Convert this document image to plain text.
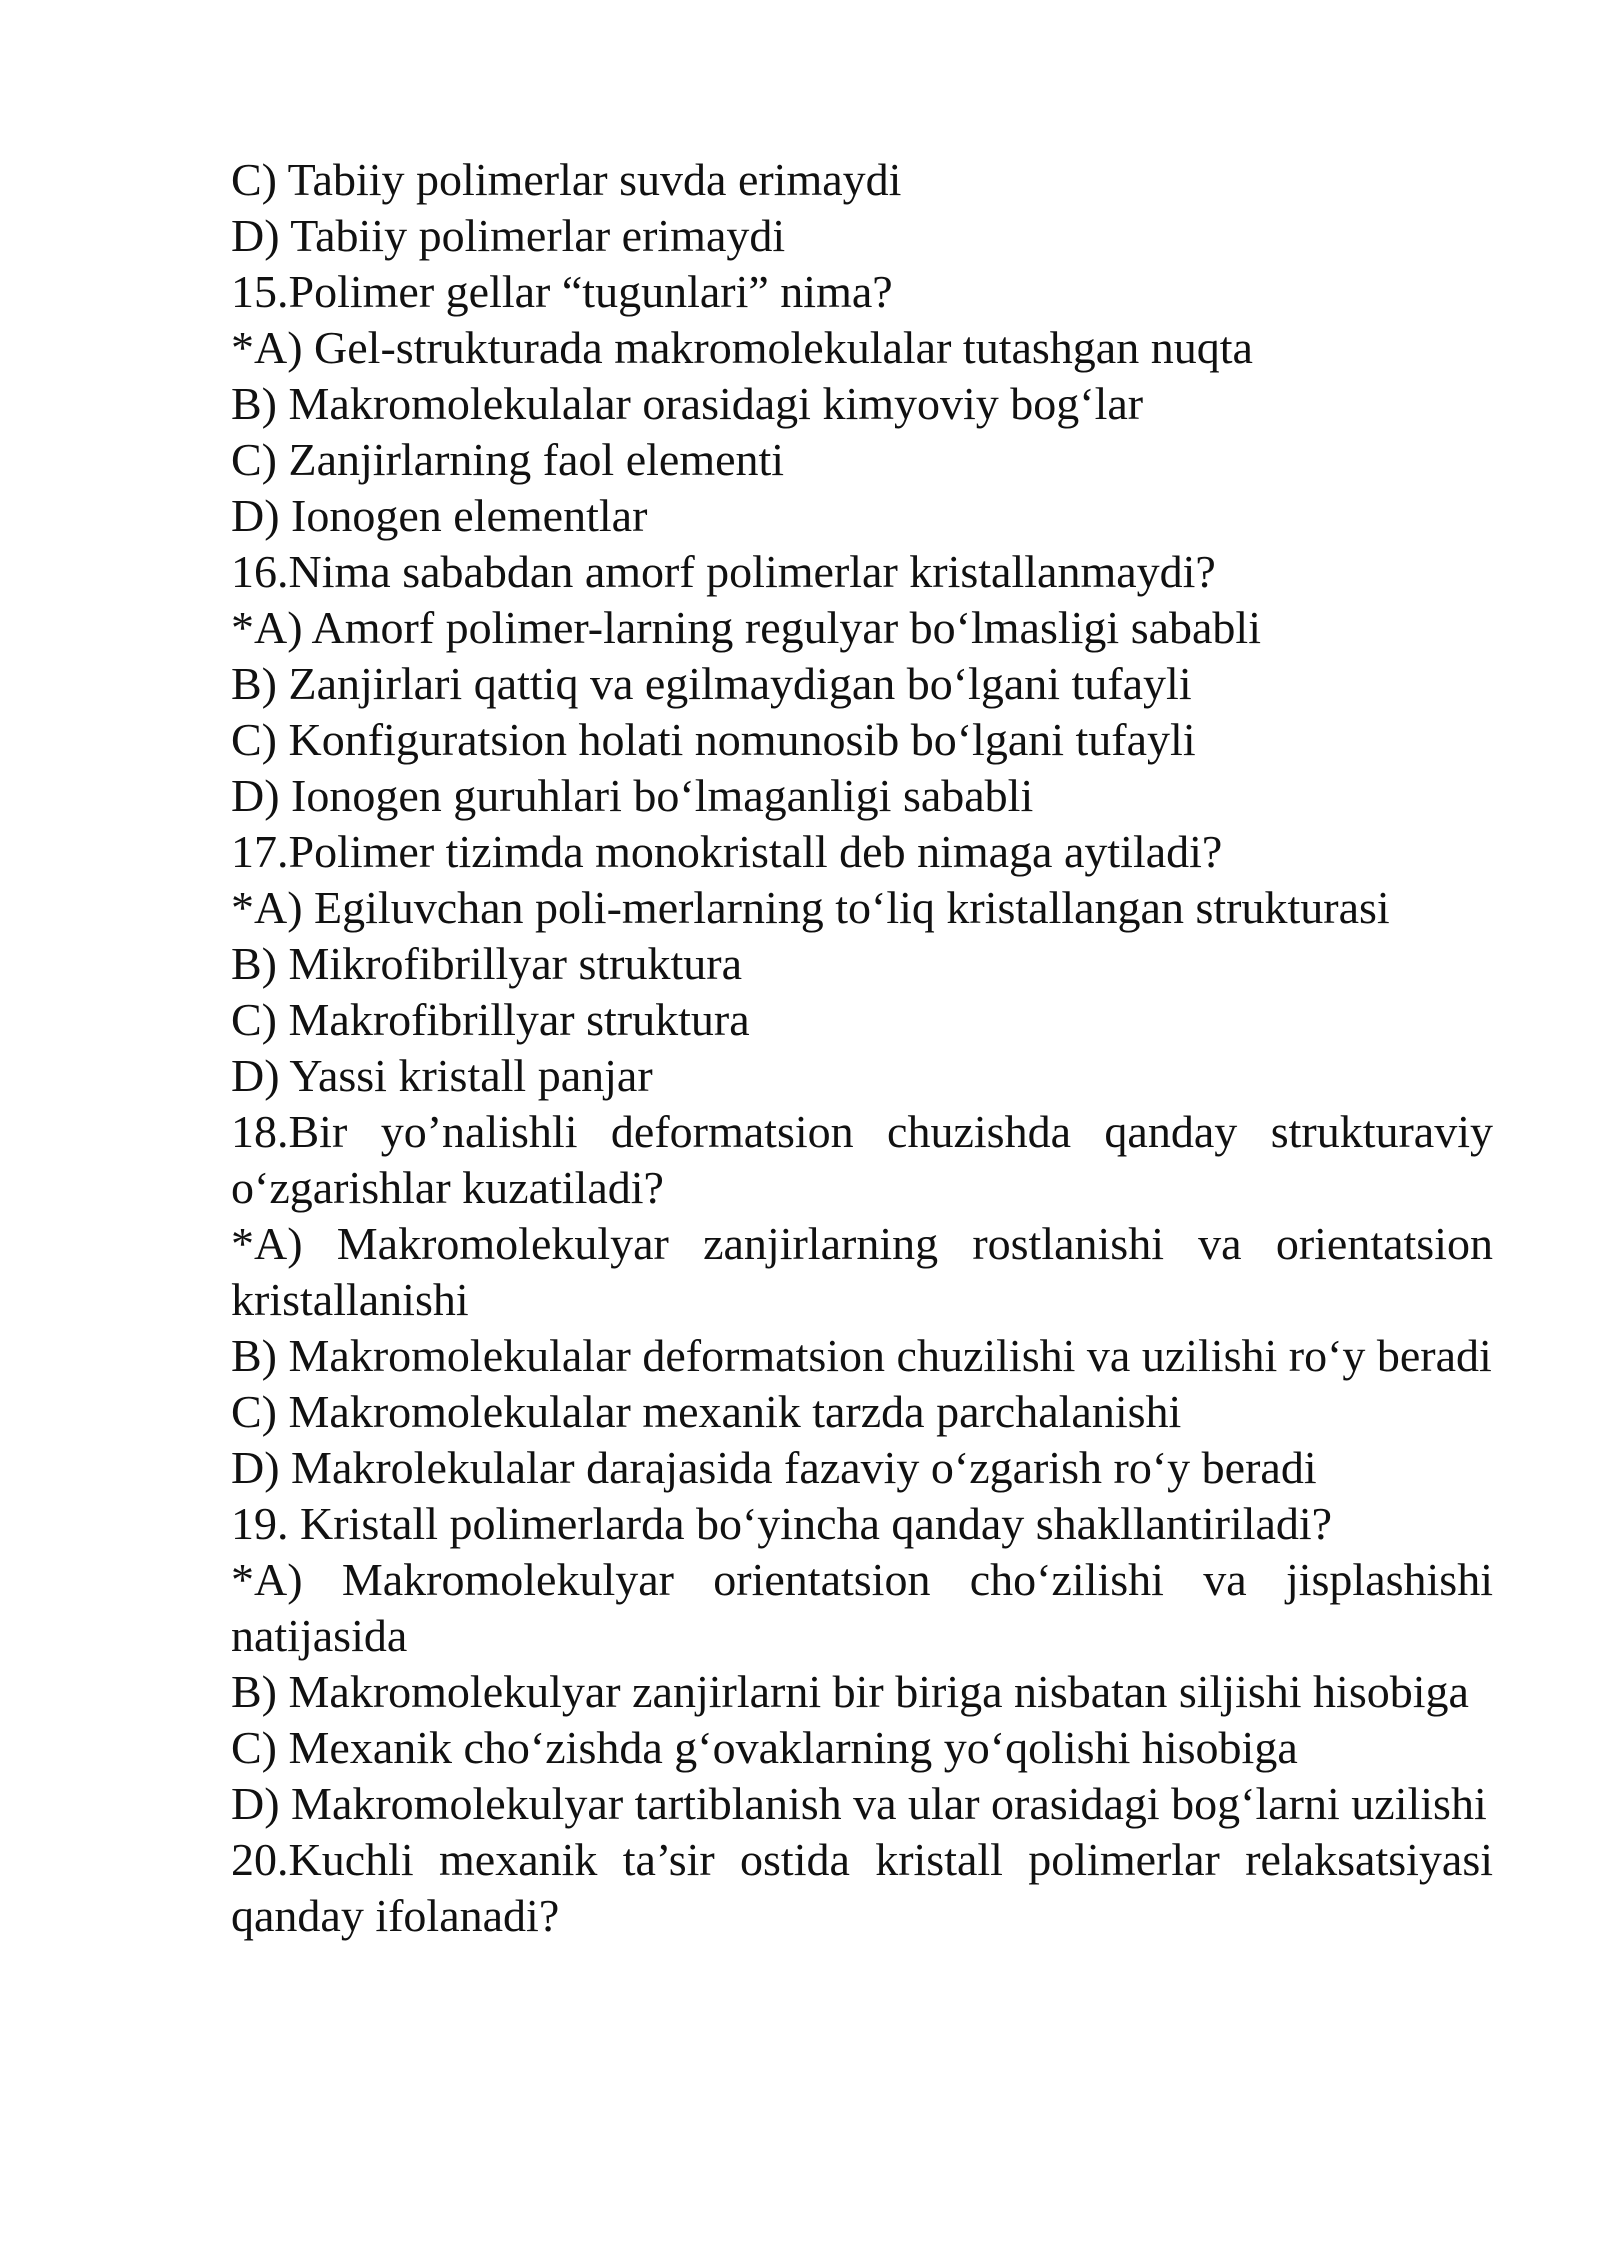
C) Tabiiy polimerlar suvda erimaydi
D) Tabiiy polimerlar erimaydi
15.Polimer gellar “tugunlari” nima?
*A) Gel-strukturada makromolekulalar tutashgan nuqta
B) Makromolekulalar orasidagi kimyoviy bog‘lar
C) Zanjirlarning faol elementi
D) Ionogen elementlar
16.Nima sababdan amorf polimerlar kristallanmaydi?
*A) Amorf polimer-larning regulyar bo‘lmasligi sababli
B) Zanjirlari qattiq va egilmaydigan bo‘lgani tufayli
C) Konfiguratsion holati nomunosib bo‘lgani tufayli
D) Ionogen guruhlari bo‘lmaganligi sababli
17.Polimer tizimda monokristall deb nimaga aytiladi?
*A) Egiluvchan poli-merlarning to‘liq kristallangan strukturasi
B) Mikrofibrillyar struktura
C) Makrofibrillyar struktura
D) Yassi kristall panjar
18.Bir yo’nalishli deformatsion chuzishda qanday strukturaviy o‘zgarishlar kuzatiladi?
*A) Makromolekulyar zanjirlarning rostlanishi va orientatsion kristallanishi
B) Makromolekulalar deformatsion chuzilishi va uzilishi ro‘y beradi
C) Makromolekulalar mexanik tarzda parchalanishi
D) Makrolekulalar darajasida fazaviy o‘zgarish ro‘y beradi
19. Kristall polimerlarda bo‘yincha qanday shakllantiriladi?
*A) Makromolekulyar orientatsion cho‘zilishi va jisplashishi natijasida
B) Makromolekulyar zanjirlarni bir biriga nisbatan siljishi hisobiga
C) Mexanik cho‘zishda g‘ovaklarning yo‘qolishi hisobiga
D) Makromolekulyar tartiblanish va ular orasidagi bog‘larni uzilishi
20.Kuchli mexanik ta’sir ostida kristall polimerlar relaksatsiyasi qanday ifolanadi?
